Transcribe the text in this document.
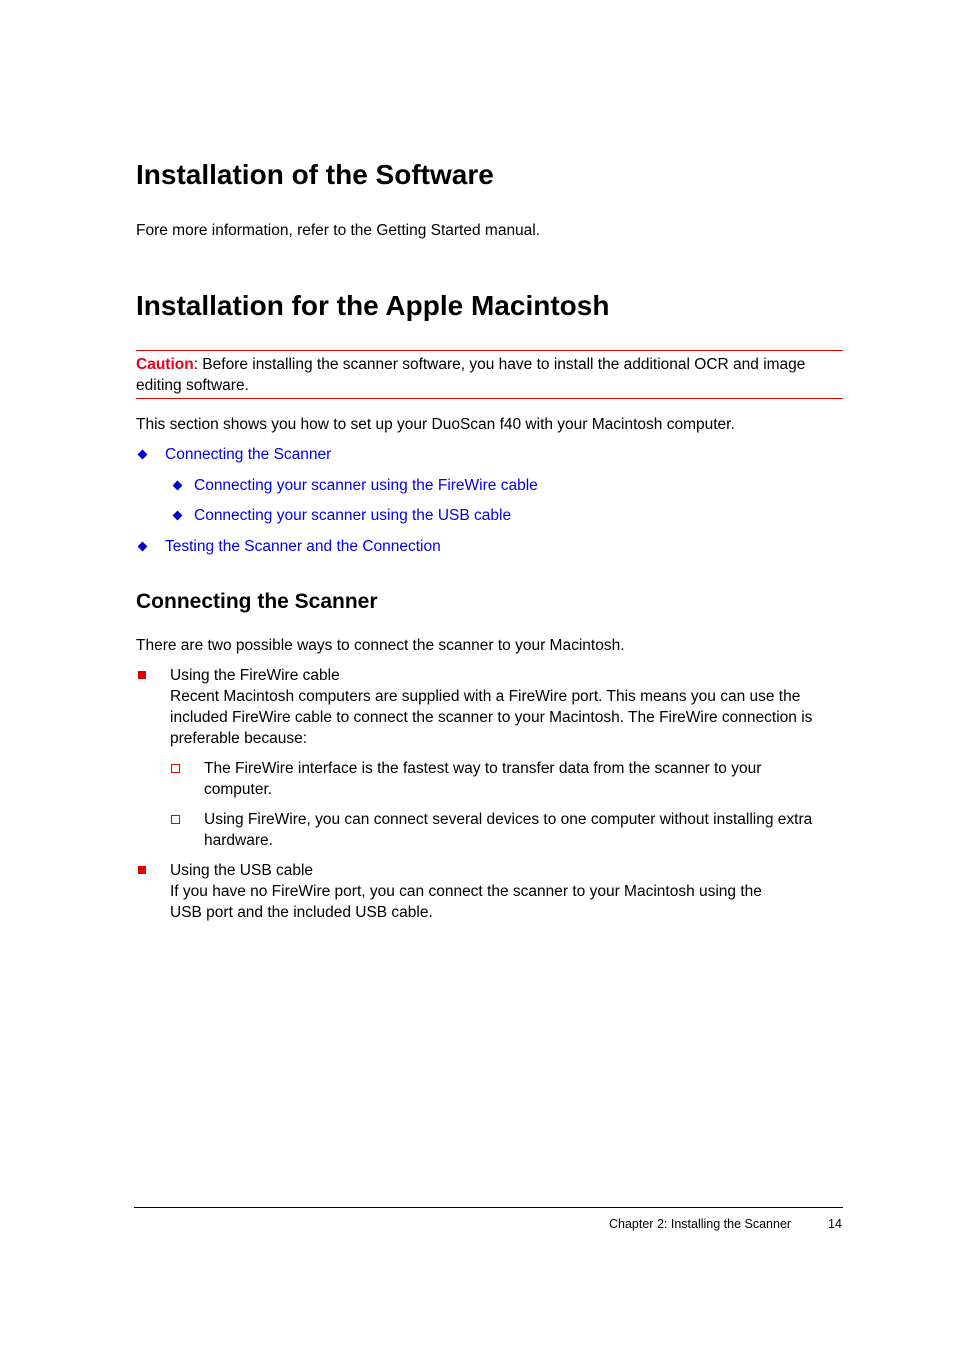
Installation of the Software

Fore more information, refer to the Getting Started manual.

Installation for the Apple Macintosh

Caution: Before installing the scanner software, you have to install the additional OCR and image

editing software.

This section shows you how to set up your DuoScan f40 with your Macintosh computer.

Connecting the Scanner

Connecting your scanner using the FireWire cable

Connecting your scanner using the USB cable

Testing the Scanner and the Connection

Connecting the Scanner

There are two possible ways to connect the scanner to your Macintosh.

Using the FireWire cable

Recent Macintosh computers are supplied with a FireWire port. This means you can use the

included FireWire cable to connect the scanner to your Macintosh. The FireWire connection is

preferable because:

The FireWire interface is the fastest way to transfer data from the scanner to your

computer.

Using FireWire, you can connect several devices to one computer without installing extra

hardware.

Using the USB cable

If you have no FireWire port, you can connect the scanner to your Macintosh using the

USB port and the included USB cable.

Chapter 2: Installing the Scanner	14
